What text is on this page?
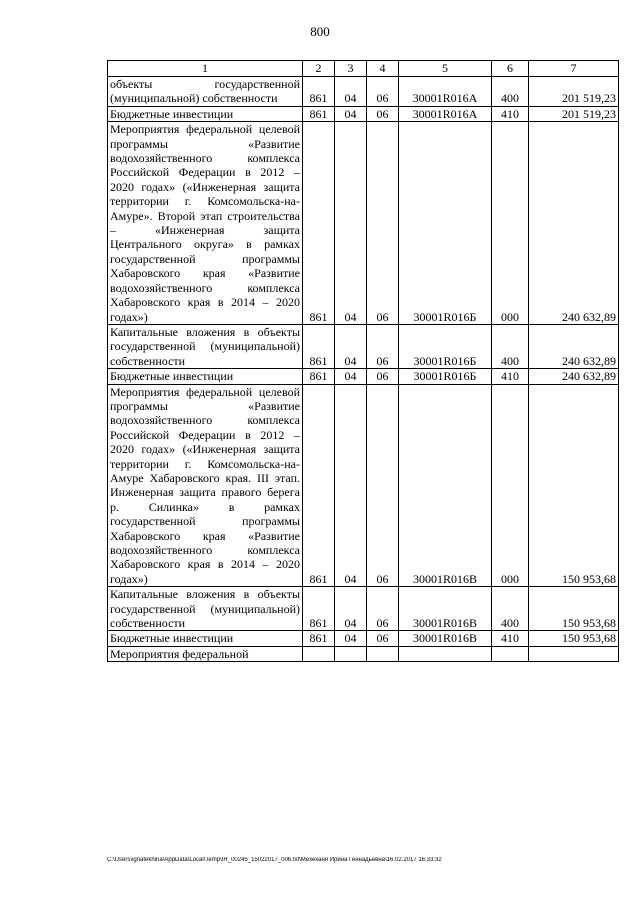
800
1	2	3	4	5	6	7
объекты государственной (муниципальной) собственности	861	04	06	30001R016А	400	201 519,23
Бюджетные инвестиции	861	04	06	30001R016А	410	201 519,23
Мероприятия федеральной целевой программы «Развитие водохозяйственного комплекса Российской Федерации в 2012 – 2020 годах» («Инженерная защита территории г. Комсомольска-на-Амуре». Второй этап строительства – «Инженерная защита Центрального округа» в рамках государственной программы Хабаровского края «Развитие водохозяйственного комплекса Хабаровского края в 2014 – 2020 годах»)	861	04	06	30001R016Б	000	240 632,89
Капитальные вложения в объекты государственной (муниципальной) собственности	861	04	06	30001R016Б	400	240 632,89
Бюджетные инвестиции	861	04	06	30001R016Б	410	240 632,89
Мероприятия федеральной целевой программы «Развитие водохозяйственного комплекса Российской Федерации в 2012 – 2020 годах» («Инженерная защита территории г. Комсомольска-на-Амуре Хабаровского края. III этап. Инженерная защита правого берега р. Силинка» в рамках государственной программы Хабаровского края «Развитие водохозяйственного комплекса Хабаровского края в 2014 – 2020 годах»)	861	04	06	30001R016В	000	150 953,68
Капитальные вложения в объекты государственной (муниципальной) собственности	861	04	06	30001R016В	400	150 953,68
Бюджетные инвестиции	861	04	06	30001R016В	410	150 953,68
Мероприятия федеральной						
C:\Users\ignatekhina\AppData\Local\Temp\IR_00245_15022017_006.txt\Мехеханя Ирина Геннадьевна\16.02.2017 16:33:32
